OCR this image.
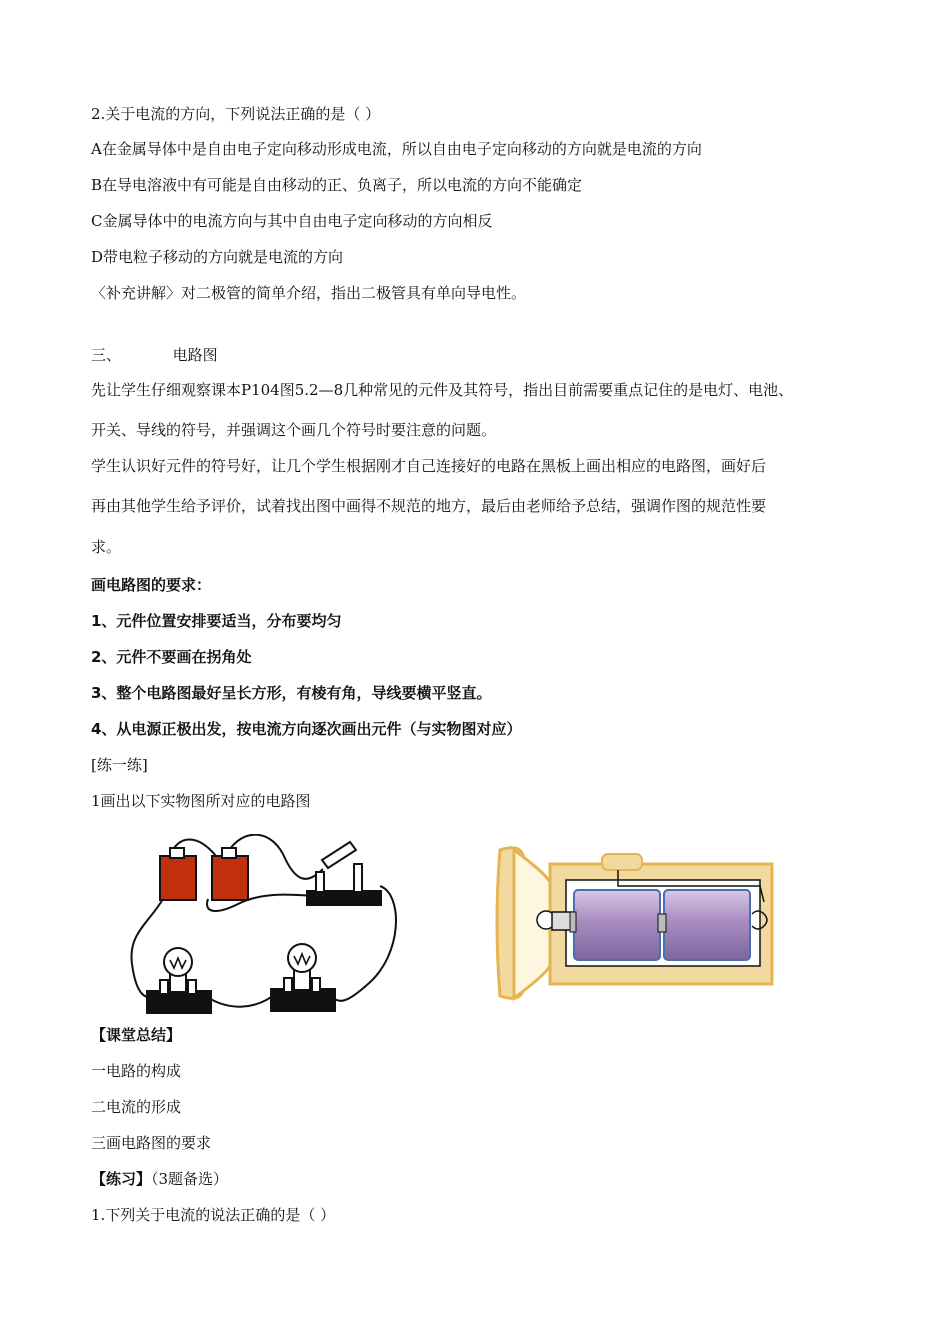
2.关于电流的方向，下列说法正确的是（ ）
A在金属导体中是自由电子定向移动形成电流，所以自由电子定向移动的方向就是电流的方向
B在导电溶液中有可能是自由移动的正、负离子，所以电流的方向不能确定
C金属导体中的电流方向与其中自由电子定向移动的方向相反
D带电粒子移动的方向就是电流的方向
〈补充讲解〉对二极管的简单介绍，指出二极管具有单向导电性。
三、	电路图
先让学生仔细观察课本P104图5.2—8几种常见的元件及其符号，指出目前需要重点记住的是电灯、电池、
开关、导线的符号，并强调这个画几个符号时要注意的问题。
学生认识好元件的符号好，让几个学生根据刚才自己连接好的电路在黑板上画出相应的电路图，画好后
再由其他学生给予评价，试着找出图中画得不规范的地方，最后由老师给予总结，强调作图的规范性要
求。
画电路图的要求：
1、元件位置安排要适当，分布要均匀
2、元件不要画在拐角处
3、整个电路图最好呈长方形，有棱有角，导线要横平竖直。
4、从电源正极出发，按电流方向逐次画出元件（与实物图对应）
[练一练]
1画出以下实物图所对应的电路图
【课堂总结】
一电路的构成
二电流的形成
三画电路图的要求
【练习】（3题备选）
1.下列关于电流的说法正确的是（ ）
